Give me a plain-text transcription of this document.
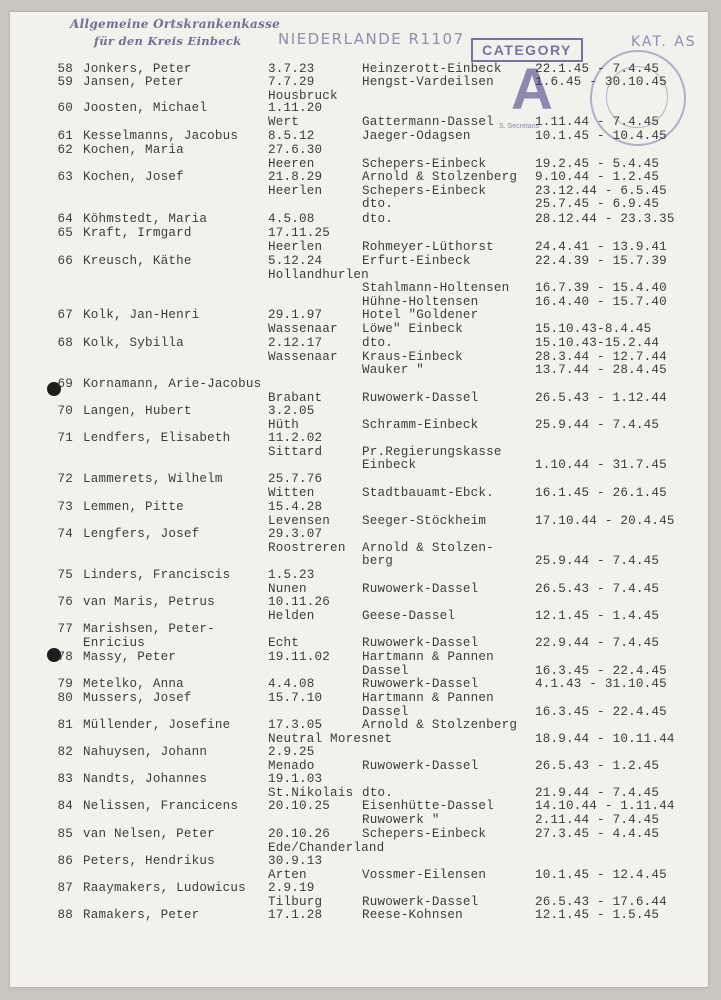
Allgemeine Ortskrankenkasse
für den Kreis Einbeck NIEDERLANDE R1107
CATEGORY
A
S. Secretaris
KAT. AS
58 Jonkers, Peter	3.7.23	Heinzerott-Einbeck	22.1.45 - 7.4.45
59 Jansen, Peter	7.7.29	Hengst-Vardeilsen	1.6.45 - 30.10.45
Housbruck
60 Joosten, Michael	1.11.20
Wert	Gattermann-Dassel	1.11.44 - 7.4.45
61 Kesselmanns, Jacobus 8.5.12	Jaeger-Odagsen	10.1.45 - 10.4.45
62 Kochen, Maria	27.6.30
Heeren	Schepers-Einbeck	19.2.45 - 5.4.45
63 Kochen, Josef	21.8.29	Arnold & Stolzenberg 9.10.44 - 1.2.45
Heerlen	Schepers-Einbeck	23.12.44 - 6.5.45
dto.	25.7.45 - 6.9.45
64 Köhmstedt, Maria	4.5.08	dto.	28.12.44 - 23.3.35
65 Kraft, Irmgard	17.11.25
Heerlen	Rohmeyer-Lüthorst	24.4.41 - 13.9.41
66 Kreusch, Käthe	5.12.24	Erfurt-Einbeck	22.4.39 - 15.7.39
Hollandhurlen
Stahlmann-Holtensen 16.7.39 - 15.4.40
Hühne-Holtensen	16.4.40 - 15.7.40
67 Kolk, Jan-Henri	29.1.97	Hotel "Goldener
Wassenaar Löwe" Einbeck	15.10.43-8.4.45
68 Kolk, Sybilla	2.12.17	dto.	15.10.43-15.2.44
Wassenaar Kraus-Einbeck	28.3.44 - 12.7.44
Wauker "	13.7.44 - 28.4.45
69 Kornamann, Arie-Jacobus
Brabant	Ruwowerk-Dassel	26.5.43 - 1.12.44
70 Langen, Hubert	3.2.05
Hüth	Schramm-Einbeck	25.9.44 - 7.4.45
71 Lendfers, Elisabeth	11.2.02
Sittard	Pr.Regierungskasse
Einbeck	1.10.44 - 31.7.45
72 Lammerets, Wilhelm	25.7.76
Witten	Stadtbauamt-Ebck.	16.1.45 - 26.1.45
73 Lemmen, Pitte	15.4.28
Levensen	Seeger-Stöckheim	17.10.44 - 20.4.45
74 Lengfers, Josef	29.3.07
Roostreren Arnold & Stolzen-
berg	25.9.44 - 7.4.45
75 Linders, Franciscis	1.5.23
Nunen	Ruwowerk-Dassel	26.5.43 - 7.4.45
76 van Maris, Petrus	10.11.26
Helden	Geese-Dassel	12.1.45 - 1.4.45
77 Marishsen, Peter-
Enricius	Echt	Ruwowerk-Dassel	22.9.44 - 7.4.45
78 Massy, Peter	19.11.02	Hartmann & Pannen
Dassel	16.3.45 - 22.4.45
79 Metelko, Anna	4.4.08	Ruwowerk-Dassel	4.1.43 - 31.10.45
80 Mussers, Josef	15.7.10	Hartmann & Pannen
Dassel	16.3.45 - 22.4.45
81 Müllender, Josefine	17.3.05	Arnold & Stolzenberg
Neutral Moresnet	18.9.44 - 10.11.44
82 Nahuysen, Johann	2.9.25
Menado	Ruwowerk-Dassel	26.5.43 - 1.2.45
83 Nandts, Johannes	19.1.03
St.Nikolais dto.	21.9.44 - 7.4.45
84 Nelissen, Francicens 20.10.25	Eisenhütte-Dassel	14.10.44 - 1.11.44
Ruwowerk "	2.11.44 - 7.4.45
85 van Nelsen, Peter	20.10.26	Schepers-Einbeck	27.3.45 - 4.4.45
Ede/Chanderland
86 Peters, Hendrikus	30.9.13
Arten	Vossmer-Eilensen	10.1.45 - 12.4.45
87 Raaymakers, Ludowicus 2.9.19
Tilburg	Ruwowerk-Dassel	26.5.43 - 17.6.44
88 Ramakers, Peter	17.1.28	Reese-Kohnsen	12.1.45 - 1.5.45
